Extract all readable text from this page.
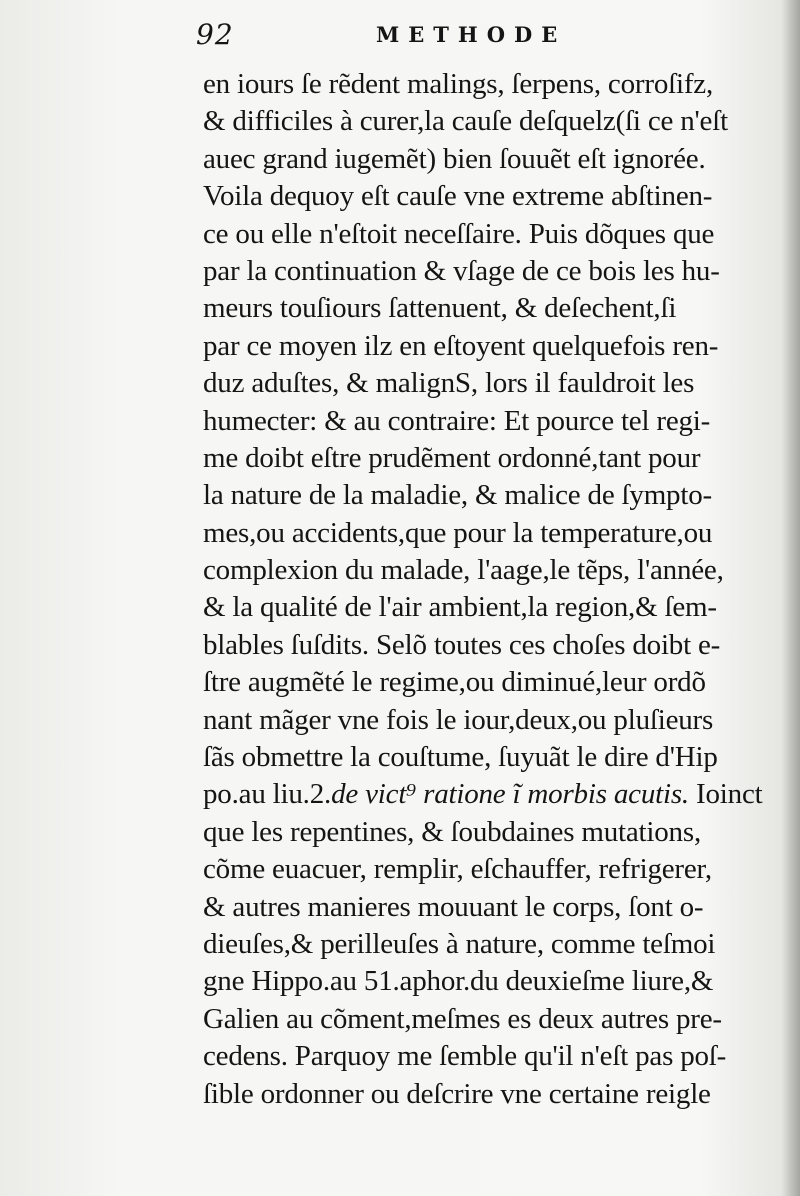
92	METHODE
en iours ſe rẽdent malings, ſerpens, corroſifz,
& difficiles à curer,la cauſe deſquelz(ſi ce n'eſt
auec grand iugemẽt) bien ſouuẽt eſt ignorée.
Voila dequoy eſt cauſe vne extreme abſtinen-
ce ou elle n'eſtoit neceſſaire. Puis dõques que
par la continuation & vſage de ce bois les hu-
meurs touſiours ſattenuent, & deſechent,ſi
par ce moyen ilz en eſtoyent quelquefois ren-
duz aduſtes, & malignS, lors il fauldroit les
humecter: & au contraire: Et pource tel regi-
me doibt eſtre prudẽment ordonné,tant pour
la nature de la maladie, & malice de ſympto-
mes,ou accidents,que pour la temperature,ou
complexion du malade, l'aage,le tẽps, l'année,
& la qualité de l'air ambient,la region,& ſem-
blables ſuſdits. Selõ toutes ces choſes doibt e-
ſtre augmẽté le regime,ou diminué,leur ordõ
nant mãger vne fois le iour,deux,ou pluſieurs
ſãs obmettre la couſtume, ſuyuãt le dire d'Hip
po.au liu.2.de vict⁹ ratione ĩ morbis acutis. Ioinct
que les repentines, & ſoubdaines mutations,
cõme euacuer, remplir, eſchauffer, refrigerer,
& autres manieres mouuant le corps, ſont o-
dieuſes,& perilleuſes à nature, comme teſmoi
gne Hippo.au 51.aphor.du deuxieſme liure,&
Galien au cõment,meſmes es deux autres pre-
cedens. Parquoy me ſemble qu'il n'eſt pas poſ-
ſible ordonner ou deſcrire vne certaine reigle
